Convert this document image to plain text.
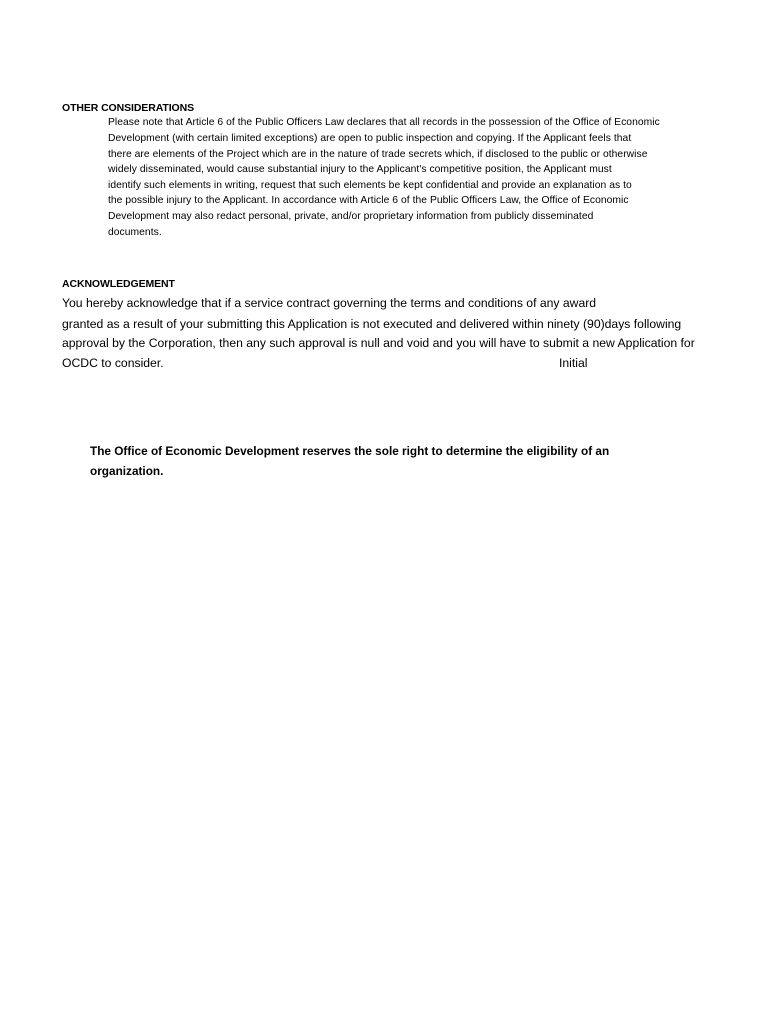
OTHER CONSIDERATIONS
Please note that Article 6 of the Public Officers Law declares that all records in the possession of the Office of Economic
Development (with certain limited exceptions) are open to public inspection and copying. If the Applicant feels that
there are elements of the Project which are in the nature of trade secrets which, if disclosed to the public or otherwise
widely disseminated, would cause substantial injury to the Applicant's competitive position, the Applicant must
identify such elements in writing, request that such elements be kept confidential and provide an explanation as to
the possible injury to the Applicant. In accordance with Article 6 of the Public Officers Law, the Office of Economic
Development may also redact personal, private, and/or proprietary information from publicly disseminated
documents.
ACKNOWLEDGEMENT
You hereby acknowledge that if a service contract governing the terms and conditions of any award
granted as a result of your submitting this Application is not executed and delivered within ninety (90)days following
approval by the Corporation, then any such approval is null and void and you will have to submit a new Application for
OCDC to consider.	Initial
The Office of Economic Development reserves the sole right to determine the eligibility of an
organization.
